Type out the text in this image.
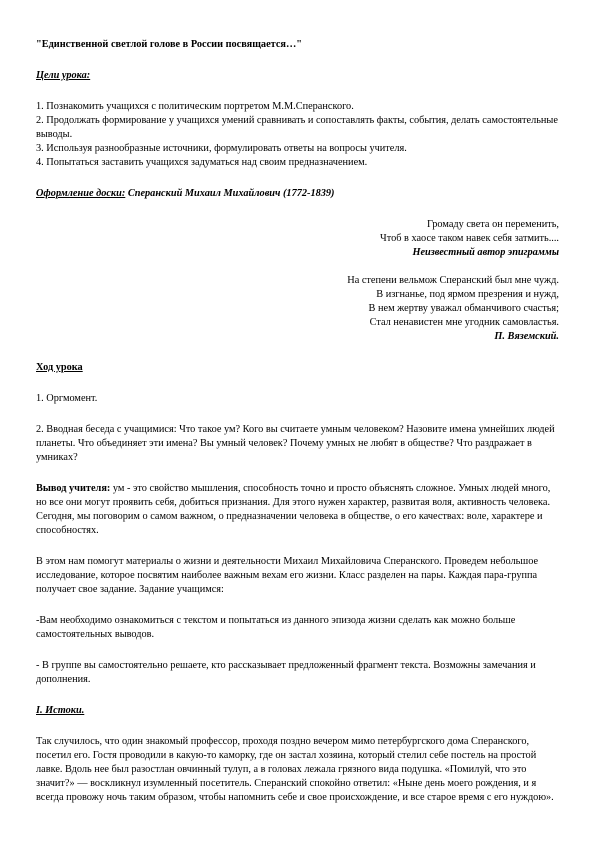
"Единственной светлой голове в России посвящается…"

Цели урока:

1. Познакомить учащихся с политическим портретом М.М.Сперанского.

2. Продолжать формирование у учащихся умений сравнивать и сопоставлять факты, события, делать самостоятельные выводы.

3. Используя разнообразные источники, формулировать ответы на вопросы учителя.

4. Попытаться заставить учащихся задуматься над своим предназначением.

Оформление доски: Сперанский Михаил Михайлович (1772-1839)

Громаду света он переменить,

Чтоб в хаосе таком навек себя затмить....

Неизвестный автор эпиграммы

На степени вельмож Сперанский был мне чужд.

В изгнанье, под ярмом презрения и нужд,

В нем жертву уважал обманчивого счастья;

Стал ненавистен мне угодник самовластья.

П. Вяземский.

Ход урока

1. Оргмомент.

2. Вводная беседа с учащимися: Что такое ум? Кого вы считаете умным человеком? Назовите имена умнейших людей планеты. Что объединяет эти имена? Вы умный человек? Почему умных не любят в обществе? Что раздражает в умниках?

Вывод учителя: ум - это свойство мышления, способность точно и просто объяснять сложное. Умных людей много, но все они могут проявить себя, добиться признания. Для этого нужен характер, развитая воля, активность человека. Сегодня, мы поговорим о самом важном, о предназначении человека в обществе, о его качествах: воле, характере и способностях.

В этом нам помогут материалы о жизни и деятельности Михаил Михайловича Сперанского. Проведем небольшое исследование, которое посвятим наиболее важным вехам его жизни. Класс разделен на пары. Каждая пара-группа получает свое задание. Задание учащимся:

-Вам необходимо ознакомиться с текстом и попытаться из данного эпизода жизни сделать как можно больше самостоятельных выводов.

- В группе вы самостоятельно решаете, кто рассказывает предложенный фрагмент текста. Возможны замечания и дополнения.

I. Истоки.

Так случилось, что один знакомый профессор, проходя поздно вечером мимо петербургского дома Сперанского, посетил его. Гостя проводили в какую-то каморку, где он застал хозяина, который стелил себе постель на простой лавке. Вдоль нее был разостлан овчинный тулуп, а в головах лежала грязного вида подушка. «Помилуй, что это значит?» — воскликнул изумленный посетитель. Сперанский спокойно ответил: «Ныне день моего рождения, и я всегда провожу ночь таким образом, чтобы напомнить себе и свое происхождение, и все старое время с его нуждою».
